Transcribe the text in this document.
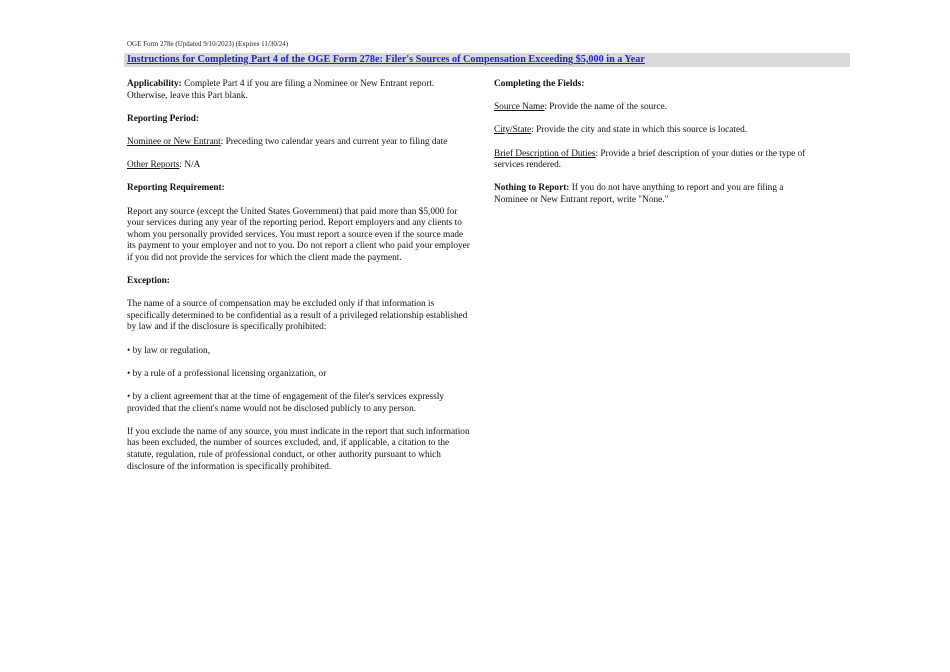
OGE Form 278e (Updated 9/10/2023) (Expires 11/30/24)
Instructions for Completing Part 4 of the OGE Form 278e: Filer's Sources of Compensation Exceeding $5,000 in a Year

Applicability: Complete Part 4 if you are filing a Nominee or New Entrant report. Otherwise, leave this Part blank.

Reporting Period:

Nominee or New Entrant: Preceding two calendar years and current year to filing date

Other Reports: N/A

Reporting Requirement:

Report any source (except the United States Government) that paid more than $5,000 for your services during any year of the reporting period. Report employers and any clients to whom you personally provided services. You must report a source even if the source made its payment to your employer and not to you. Do not report a client who paid your employer if you did not provide the services for which the client made the payment.

Exception:

The name of a source of compensation may be excluded only if that information is specifically determined to be confidential as a result of a privileged relationship established by law and if the disclosure is specifically prohibited:

• by law or regulation,

• by a rule of a professional licensing organization, or

• by a client agreement that at the time of engagement of the filer's services expressly provided that the client's name would not be disclosed publicly to any person.

If you exclude the name of any source, you must indicate in the report that such information has been excluded, the number of sources excluded, and, if applicable, a citation to the statute, regulation, rule of professional conduct, or other authority pursuant to which disclosure of the information is specifically prohibited.

Completing the Fields:

Source Name: Provide the name of the source.

City/State: Provide the city and state in which this source is located.

Brief Description of Duties: Provide a brief description of your duties or the type of services rendered.

Nothing to Report: If you do not have anything to report and you are filing a Nominee or New Entrant report, write "None."
